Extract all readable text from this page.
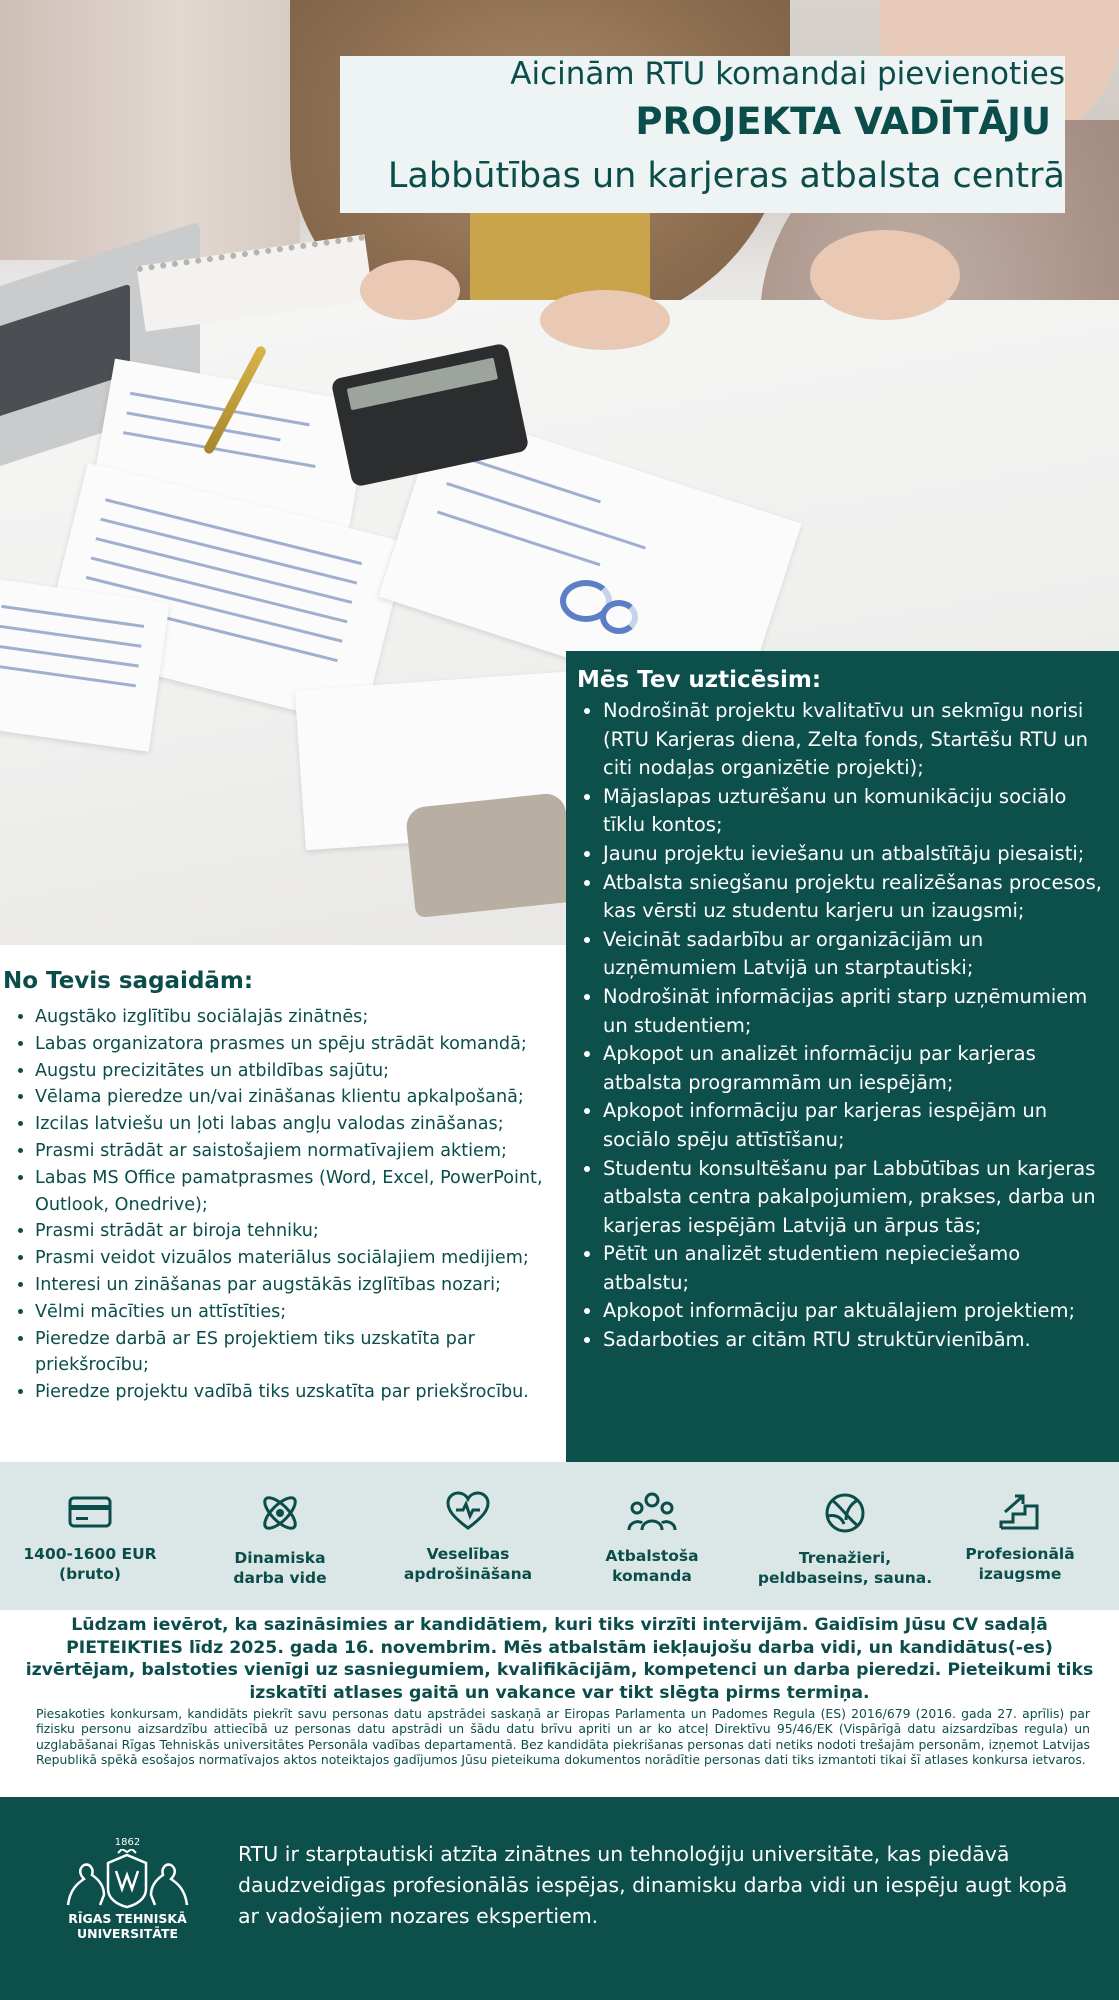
Aicinām RTU komandai pievienoties
PROJEKTA VADĪTĀJU
Labbūtības un karjeras atbalsta centrā
Mēs Tev uzticēsim:
• Nodrošināt projektu kvalitatīvu un sekmīgu norisi (RTU Karjeras diena, Zelta fonds, Startēšu RTU un citi nodaļas organizētie projekti);
• Mājaslapas uzturēšanu un komunikāciju sociālo tīklu kontos;
• Jaunu projektu ieviešanu un atbalstītāju piesaisti;
• Atbalsta sniegšanu projektu realizēšanas procesos, kas vērsti uz studentu karjeru un izaugsmi;
• Veicināt sadarbību ar organizācijām un uzņēmumiem Latvijā un starptautiski;
• Nodrošināt informācijas apriti starp uzņēmumiem un studentiem;
• Apkopot un analizēt informāciju par karjeras atbalsta programmām un iespējām;
• Apkopot informāciju par karjeras iespējām un sociālo spēju attīstīšanu;
• Studentu konsultēšanu par Labbūtības un karjeras atbalsta centra pakalpojumiem, prakses, darba un karjeras iespējām Latvijā un ārpus tās;
• Pētīt un analizēt studentiem nepieciešamo atbalstu;
• Apkopot informāciju par aktuālajiem projektiem;
• Sadarboties ar citām RTU struktūrvienībām.
No Tevis sagaidām:
• Augstāko izglītību sociālajās zinātnēs;
• Labas organizatora prasmes un spēju strādāt komandā;
• Augstu precizitātes un atbildības sajūtu;
• Vēlama pieredze un/vai zināšanas klientu apkalpošanā;
• Izcilas latviešu un ļoti labas angļu valodas zināšanas;
• Prasmi strādāt ar saistošajiem normatīvajiem aktiem;
• Labas MS Office pamatprasmes (Word, Excel, PowerPoint, Outlook, Onedrive);
• Prasmi strādāt ar biroja tehniku;
• Prasmi veidot vizuālos materiālus sociālajiem medijiem;
• Interesi un zināšanas par augstākās izglītības nozari;
• Vēlmi mācīties un attīstīties;
• Pieredze darbā ar ES projektiem tiks uzskatīta par priekšrocību;
• Pieredze projektu vadībā tiks uzskatīta par priekšrocību.
1400-1600 EUR
(bruto)
Dinamiska
darba vide
Veselības
apdrošināšana
Atbalstoša
komanda
Trenažieri,
peldbaseins, sauna.
Profesionālā
izaugsme

Lūdzam ievērot, ka sazināsimies ar kandidātiem, kuri tiks virzīti intervijām. Gaidīsim Jūsu CV sadaļā PIETEIKTIES līdz 2025. gada 16. novembrim. Mēs atbalstām iekļaujošu darba vidi, un kandidātus(-es) izvērtējam, balstoties vienīgi uz sasniegumiem, kvalifikācijām, kompetenci un darba pieredzi. Pieteikumi tiks izskatīti atlases gaitā un vakance var tikt slēgta pirms termiņa.

Piesakoties konkursam, kandidāts piekrīt savu personas datu apstrādei saskaņā ar Eiropas Parlamenta un Padomes Regula (ES) 2016/679 (2016. gada 27. aprīlis) par fizisku personu aizsardzību attiecībā uz personas datu apstrādi un šādu datu brīvu apriti un ar ko atceļ Direktīvu 95/46/EK (Vispārīgā datu aizsardzības regula) un uzglabāšanai Rīgas Tehniskās universitātes Personāla vadības departamentā. Bez kandidāta piekrišanas personas dati netiks nodoti trešajām personām, izņemot Latvijas Republikā spēkā esošajos normatīvajos aktos noteiktajos gadījumos Jūsu pieteikuma dokumentos norādītie personas dati tiks izmantoti tikai šī atlases konkursa ietvaros.

1862
RĪGAS TEHNISKĀ
UNIVERSITĀTE

RTU ir starptautiski atzīta zinātnes un tehnoloģiju universitāte, kas piedāvā daudzveidīgas profesionālās iespējas, dinamisku darba vidi un iespēju augt kopā ar vadošajiem nozares ekspertiem.
